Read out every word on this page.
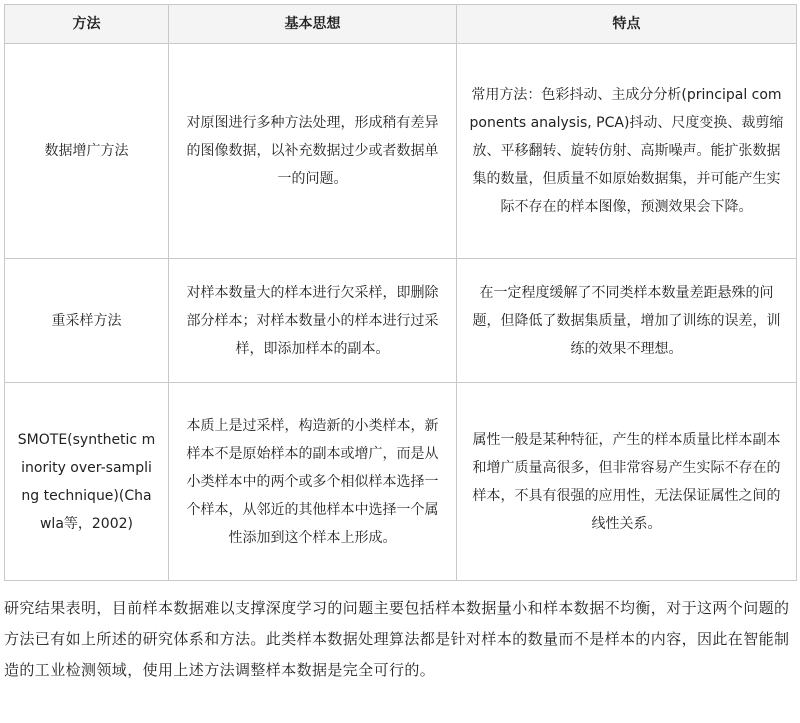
方法	基本思想	特点
数据增广方法	对原图进行多种方法处理，形成稍有差异的图像数据，以补充数据过少或者数据单一的问题。	常用方法：色彩抖动、主成分分析(principal components analysis, PCA)抖动、尺度变换、裁剪缩放、平移翻转、旋转仿射、高斯噪声。能扩张数据集的数量，但质量不如原始数据集，并可能产生实际不存在的样本图像，预测效果会下降。
重采样方法	对样本数量大的样本进行欠采样，即删除部分样本；对样本数量小的样本进行过采样，即添加样本的副本。	在一定程度缓解了不同类样本数量差距悬殊的问题，但降低了数据集质量，增加了训练的误差，训练的效果不理想。
SMOTE(synthetic minority over-sampling technique)(Chawla等，2002)	本质上是过采样，构造新的小类样本，新样本不是原始样本的副本或增广，而是从小类样本中的两个或多个相似样本选择一个样本，从邻近的其他样本中选择一个属性添加到这个样本上形成。	属性一般是某种特征，产生的样本质量比样本副本和增广质量高很多，但非常容易产生实际不存在的样本，不具有很强的应用性，无法保证属性之间的线性关系。

研究结果表明，目前样本数据难以支撑深度学习的问题主要包括样本数据量小和样本数据不均衡，对于这两个问题的方法已有如上所述的研究体系和方法。此类样本数据处理算法都是针对样本的数量而不是样本的内容，因此在智能制造的工业检测领域，使用上述方法调整样本数据是完全可行的。
